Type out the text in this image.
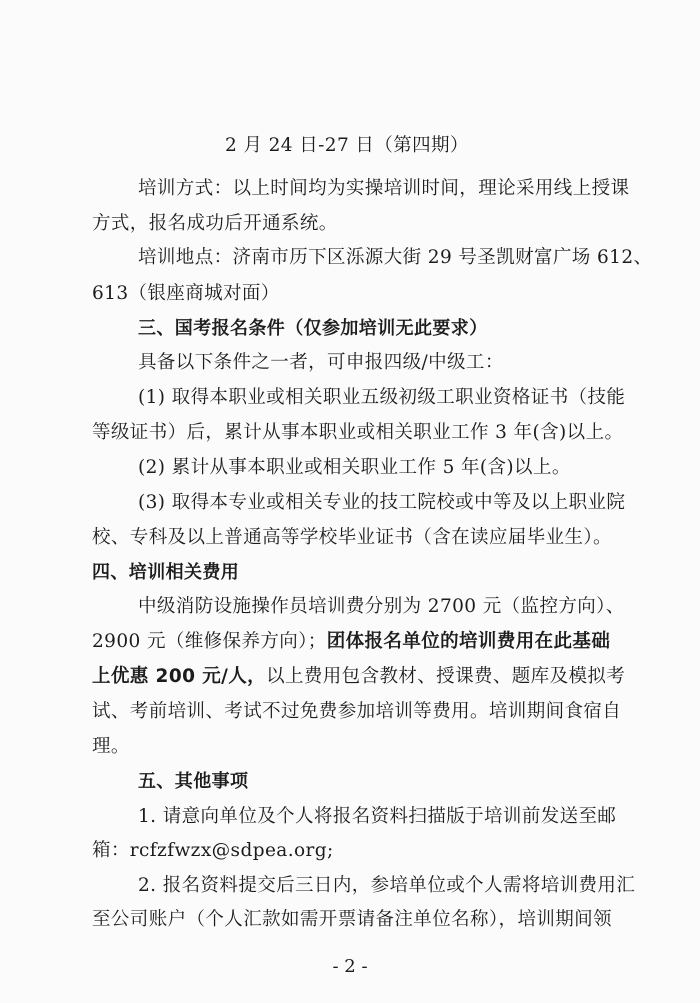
2 月 24 日-27 日（第四期）
培训方式：以上时间均为实操培训时间，理论采用线上授课
方式，报名成功后开通系统。
培训地点：济南市历下区泺源大街 29 号圣凯财富广场 612、
613（银座商城对面）
三、国考报名条件（仅参加培训无此要求）
具备以下条件之一者，可申报四级/中级工：
(1) 取得本职业或相关职业五级初级工职业资格证书（技能
等级证书）后，累计从事本职业或相关职业工作 3 年(含)以上。
(2) 累计从事本职业或相关职业工作 5 年(含)以上。
(3) 取得本专业或相关专业的技工院校或中等及以上职业院
校、专科及以上普通高等学校毕业证书（含在读应届毕业生）。
四、培训相关费用
中级消防设施操作员培训费分别为 2700 元（监控方向）、
2900 元（维修保养方向）；团体报名单位的培训费用在此基础
上优惠 200 元/人，以上费用包含教材、授课费、题库及模拟考
试、考前培训、考试不过免费参加培训等费用。培训期间食宿自
理。
五、其他事项
1. 请意向单位及个人将报名资料扫描版于培训前发送至邮
箱：rcfzfwzx@sdpea.org;
2. 报名资料提交后三日内，参培单位或个人需将培训费用汇
至公司账户（个人汇款如需开票请备注单位名称），培训期间领
- 2 -
